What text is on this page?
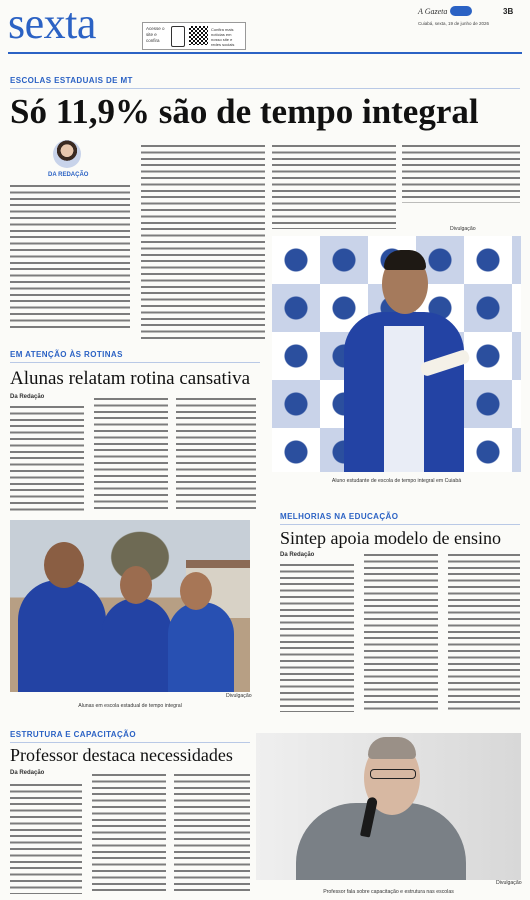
sexta	Acesse o
site e
confira
Confira mais notícias em nosso site e redes sociais
A Gazeta	3B
Cuiabá, sexta, 19 de junho de 2026
ESCOLAS ESTADUAIS DE MT
Só 11,9% são de tempo integral
DA REDAÇÃO
Divulgação
Aluno estudante de escola de tempo integral em Cuiabá
EM ATENÇÃO ÀS ROTINAS
Alunas relatam rotina cansativa
Da Redação
Divulgação
Alunas em escola estadual de tempo integral
MELHORIAS NA EDUCAÇÃO
Sintep apoia modelo de ensino
Da Redação
ESTRUTURA E CAPACITAÇÃO
Professor destaca necessidades
Da Redação
Divulgação
Professor fala sobre capacitação e estrutura nas escolas
